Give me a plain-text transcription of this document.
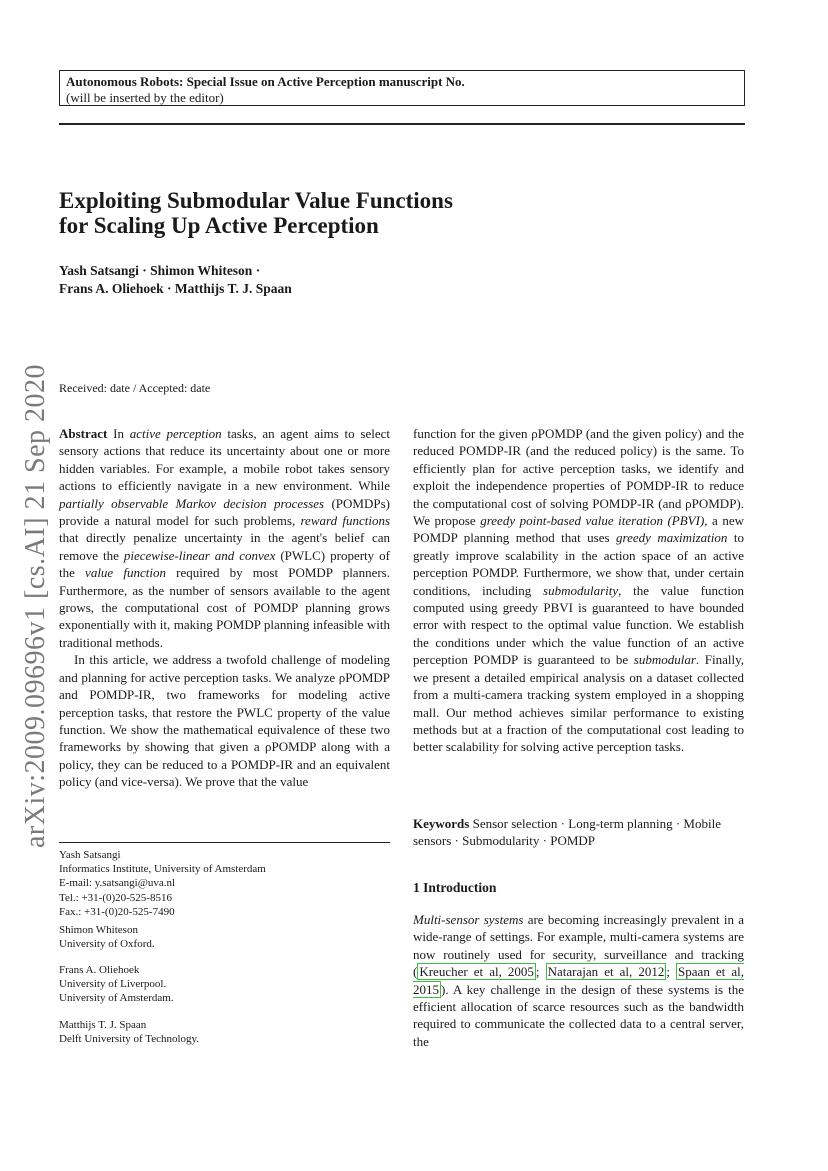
Autonomous Robots: Special Issue on Active Perception manuscript No.
(will be inserted by the editor)
Exploiting Submodular Value Functions
for Scaling Up Active Perception
Yash Satsangi · Shimon Whiteson ·
Frans A. Oliehoek · Matthijs T. J. Spaan
arXiv:2009.09696v1 [cs.AI] 21 Sep 2020 Received: date / Accepted: date

Abstract In active perception tasks, an agent aims to select sensory actions that reduce its uncertainty about one or more hidden variables. For example, a mobile robot takes sensory actions to efficiently navigate in a new environment. While partially observable Markov decision processes (POMDPs) provide a natural model for such problems, reward functions that directly penalize uncertainty in the agent's belief can remove the piecewise-linear and convex (PWLC) property of the value function required by most POMDP planners. Furthermore, as the number of sensors available to the agent grows, the computational cost of POMDP planning grows exponentially with it, making POMDP planning infeasible with traditional methods.

In this article, we address a twofold challenge of modeling and planning for active perception tasks. We analyze ρPOMDP and POMDP-IR, two frameworks for modeling active perception tasks, that restore the PWLC property of the value function. We show the mathematical equivalence of these two frameworks by showing that given a ρPOMDP along with a policy, they can be reduced to a POMDP-IR and an equivalent policy (and vice-versa). We prove that the value

function for the given ρPOMDP (and the given policy) and the reduced POMDP-IR (and the reduced policy) is the same. To efficiently plan for active perception tasks, we identify and exploit the independence properties of POMDP-IR to reduce the computational cost of solving POMDP-IR (and ρPOMDP). We propose greedy point-based value iteration (PBVI), a new POMDP planning method that uses greedy maximization to greatly improve scalability in the action space of an active perception POMDP. Furthermore, we show that, under certain conditions, including submodularity, the value function computed using greedy PBVI is guaranteed to have bounded error with respect to the optimal value function. We establish the conditions under which the value function of an active perception POMDP is guaranteed to be submodular. Finally, we present a detailed empirical analysis on a dataset collected from a multi-camera tracking system employed in a shopping mall. Our method achieves similar performance to existing methods but at a fraction of the computational cost leading to better scalability for solving active perception tasks.

Keywords Sensor selection · Long-term planning · Mobile sensors · Submodularity · POMDP
Yash Satsangi
Informatics Institute, University of Amsterdam
E-mail: y.satsangi@uva.nl
Tel.: +31-(0)20-525-8516
Fax.: +31-(0)20-525-7490
Shimon Whiteson
University of Oxford.
Frans A. Oliehoek
University of Liverpool.
University of Amsterdam.
Matthijs T. J. Spaan
Delft University of Technology.
1 Introduction
Multi-sensor systems are becoming increasingly prevalent in a wide-range of settings. For example, multi-camera systems are now routinely used for security, surveillance and tracking ( Kreucher et al, 2005 ; Natarajan et al, 2012 ; Spaan et al, 2015 ). A key challenge in the design of these systems is the efficient allocation of scarce resources such as the bandwidth required to communicate the collected data to a central server, the
